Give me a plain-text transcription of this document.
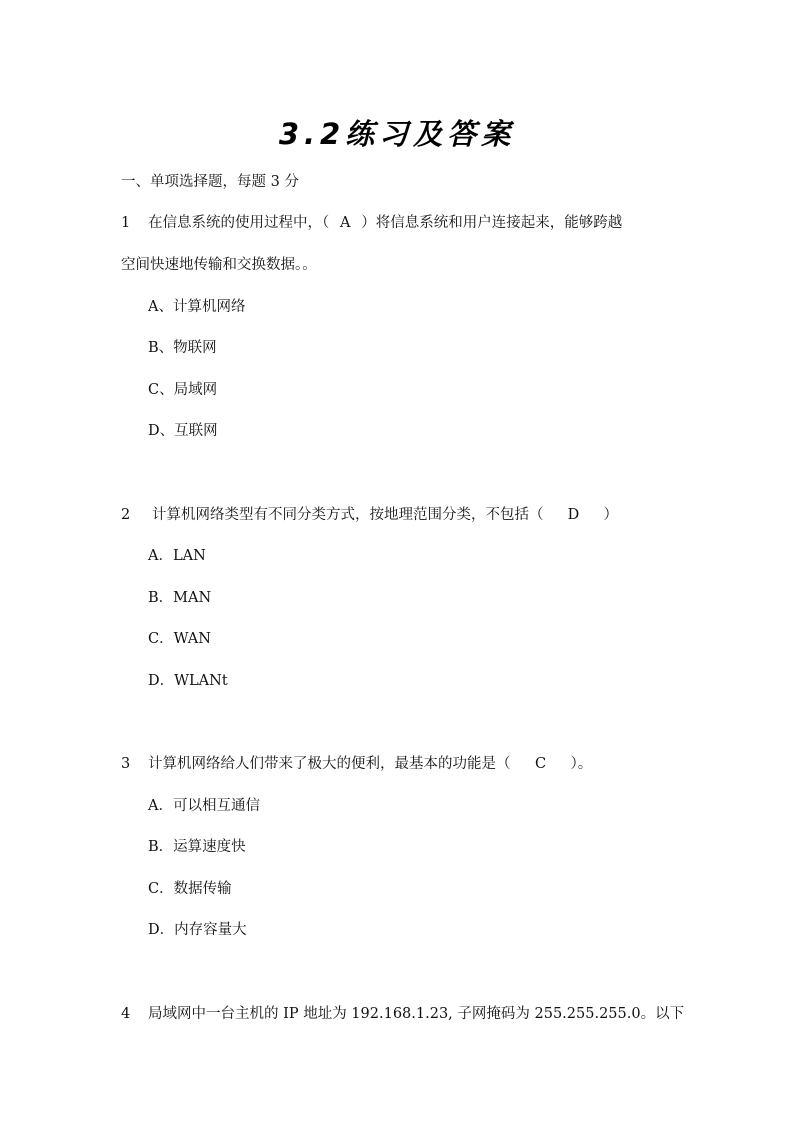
3.2练习及答案
一、单项选择题，每题 3 分
1 在信息系统的使用过程中，（ A ）将信息系统和用户连接起来，能够跨越
空间快速地传输和交换数据。。
A、计算机网络
B、物联网
C、局域网
D、互联网
2 计算机网络类型有不同分类方式，按地理范围分类，不包括（ D ）
A．LAN
B．MAN
C．WAN
D．WLANt
3 计算机网络给人们带来了极大的便利，最基本的功能是（ C ）。
A．可以相互通信
B．运算速度快
C．数据传输
D．内存容量大
4 局域网中一台主机的 IP 地址为 192.168.1.23, 子网掩码为 255.255.255.0。以下
